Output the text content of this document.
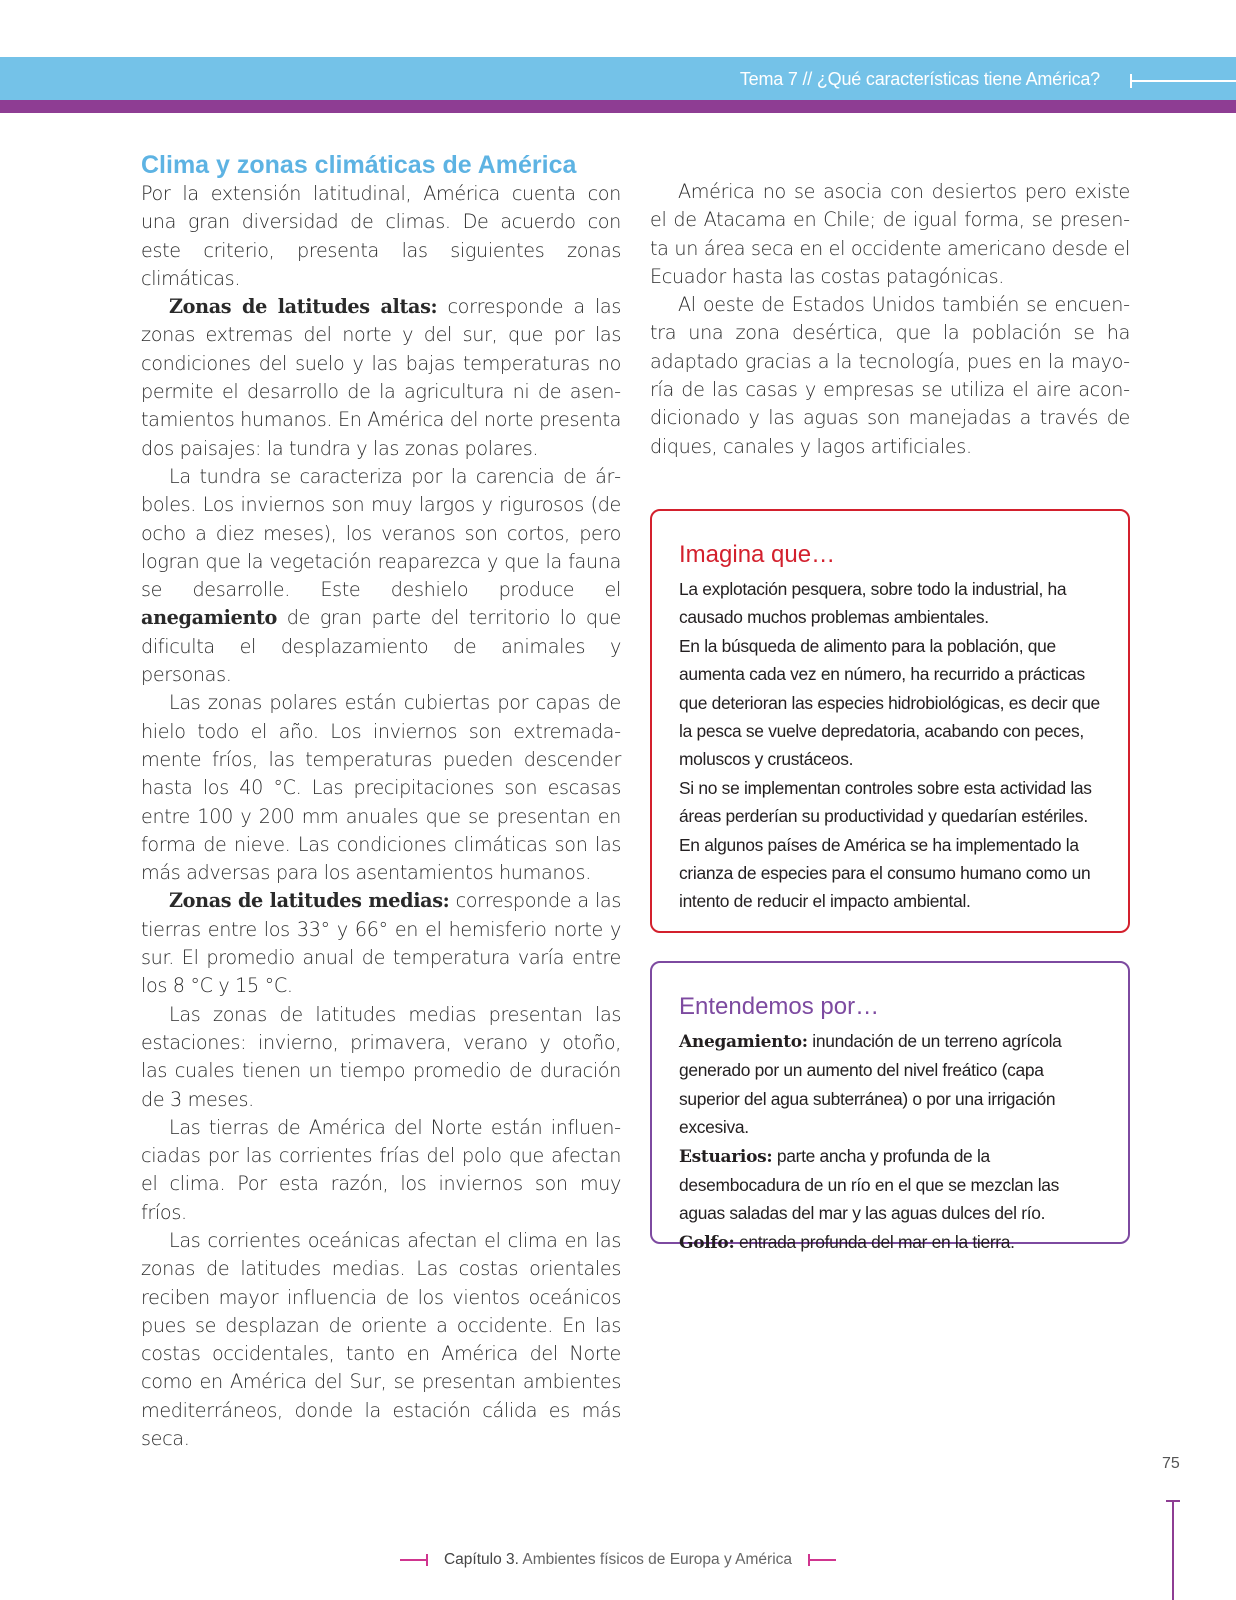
Tema 7 // ¿Qué características tiene América?
Clima y zonas climáticas de América

Por la extensión latitudinal, América cuenta con una gran diversidad de climas. De acuerdo con este criterio, presenta las siguientes zonas climáticas.

Zonas de latitudes altas: corresponde a las zonas extremas del norte y del sur, que por las condiciones del suelo y las bajas temperaturas no permite el desarrollo de la agricultura ni de asentamientos humanos. En América del norte presenta dos paisajes: la tundra y las zonas polares.

La tundra se caracteriza por la carencia de árboles. Los inviernos son muy largos y rigurosos (de ocho a diez meses), los veranos son cortos, pero logran que la vegetación reaparezca y que la fauna se desarrolle. Este deshielo produce el anegamiento de gran parte del territorio lo que dificulta el desplazamiento de animales y personas.

Las zonas polares están cubiertas por capas de hielo todo el año. Los inviernos son extremadamente fríos, las temperaturas pueden descender hasta los 40 °C. Las precipitaciones son escasas entre 100 y 200 mm anuales que se presentan en forma de nieve. Las condiciones climáticas son las más adversas para los asentamientos humanos.

Zonas de latitudes medias: corresponde a las tierras entre los 33° y 66° en el hemisferio norte y sur. El promedio anual de temperatura varía entre los 8 °C y 15 °C.

Las zonas de latitudes medias presentan las estaciones: invierno, primavera, verano y otoño, las cuales tienen un tiempo promedio de duración de 3 meses.

Las tierras de América del Norte están influenciadas por las corrientes frías del polo que afectan el clima. Por esta razón, los inviernos son muy fríos.

Las corrientes oceánicas afectan el clima en las zonas de latitudes medias. Las costas orientales reciben mayor influencia de los vientos oceánicos pues se desplazan de oriente a occidente. En las costas occidentales, tanto en América del Norte como en América del Sur, se presentan ambientes mediterráneos, donde la estación cálida es más seca.

América no se asocia con desiertos pero existe el de Atacama en Chile; de igual forma, se presenta un área seca en el occidente americano desde el Ecuador hasta las costas patagónicas.

Al oeste de Estados Unidos también se encuentra una zona desértica, que la población se ha adaptado gracias a la tecnología, pues en la mayoría de las casas y empresas se utiliza el aire acondicionado y las aguas son manejadas a través de diques, canales y lagos artificiales.

Imagina que…

La explotación pesquera, sobre todo la industrial, ha causado muchos problemas ambientales.

En la búsqueda de alimento para la población, que aumenta cada vez en número, ha recurrido a prácticas que deterioran las especies hidrobiológicas, es decir que la pesca se vuelve depredatoria, acabando con peces, moluscos y crustáceos.

Si no se implementan controles sobre esta actividad las áreas perderían su productividad y quedarían estériles.

En algunos países de América se ha implementado la crianza de especies para el consumo humano como un intento de reducir el impacto ambiental.

Entendemos por…

Anegamiento: inundación de un terreno agrícola generado por un aumento del nivel freático (capa superior del agua subterránea) o por una irrigación excesiva.

Estuarios: parte ancha y profunda de la desembocadura de un río en el que se mezclan las aguas saladas del mar y las aguas dulces del río.

Golfo: entrada profunda del mar en la tierra.

75
Capítulo 3. Ambientes físicos de Europa y América
